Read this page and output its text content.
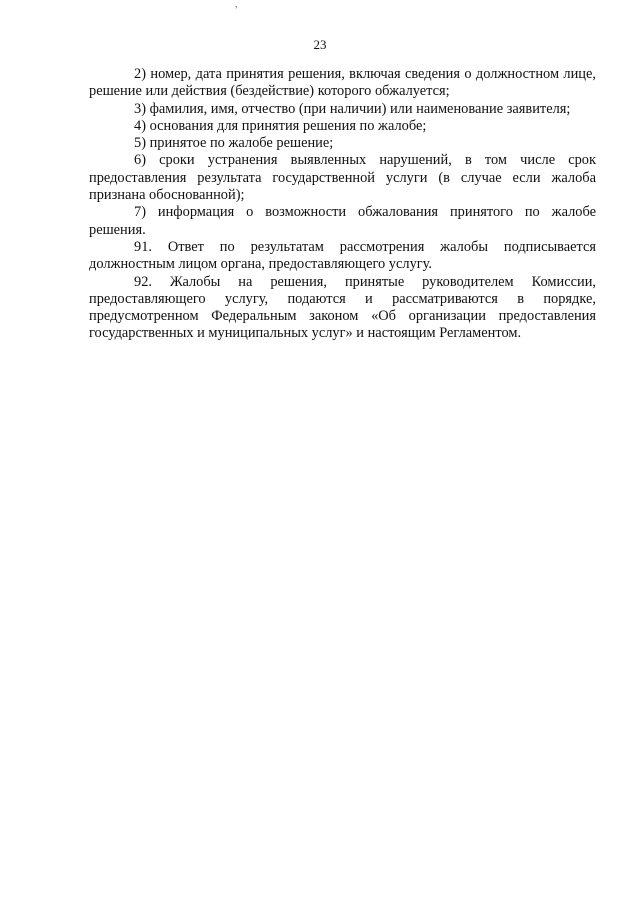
,
23

2) номер, дата принятия решения, включая сведения о должностном лице, решение или действия (бездействие) которого обжалуется;

3) фамилия, имя, отчество (при наличии) или наименование заявителя;

4) основания для принятия решения по жалобе;

5) принятое по жалобе решение;

6) сроки устранения выявленных нарушений, в том числе срок предоставления результата государственной услуги (в случае если жалоба признана обоснованной);

7) информация о возможности обжалования принятого по жалобе решения.

91. Ответ по результатам рассмотрения жалобы подписывается должностным лицом органа, предоставляющего услугу.

92. Жалобы на решения, принятые руководителем Комиссии, предоставляющего услугу, подаются и рассматриваются в порядке, предусмотренном Федеральным законом «Об организации предоставления государственных и муниципальных услуг» и настоящим Регламентом.
